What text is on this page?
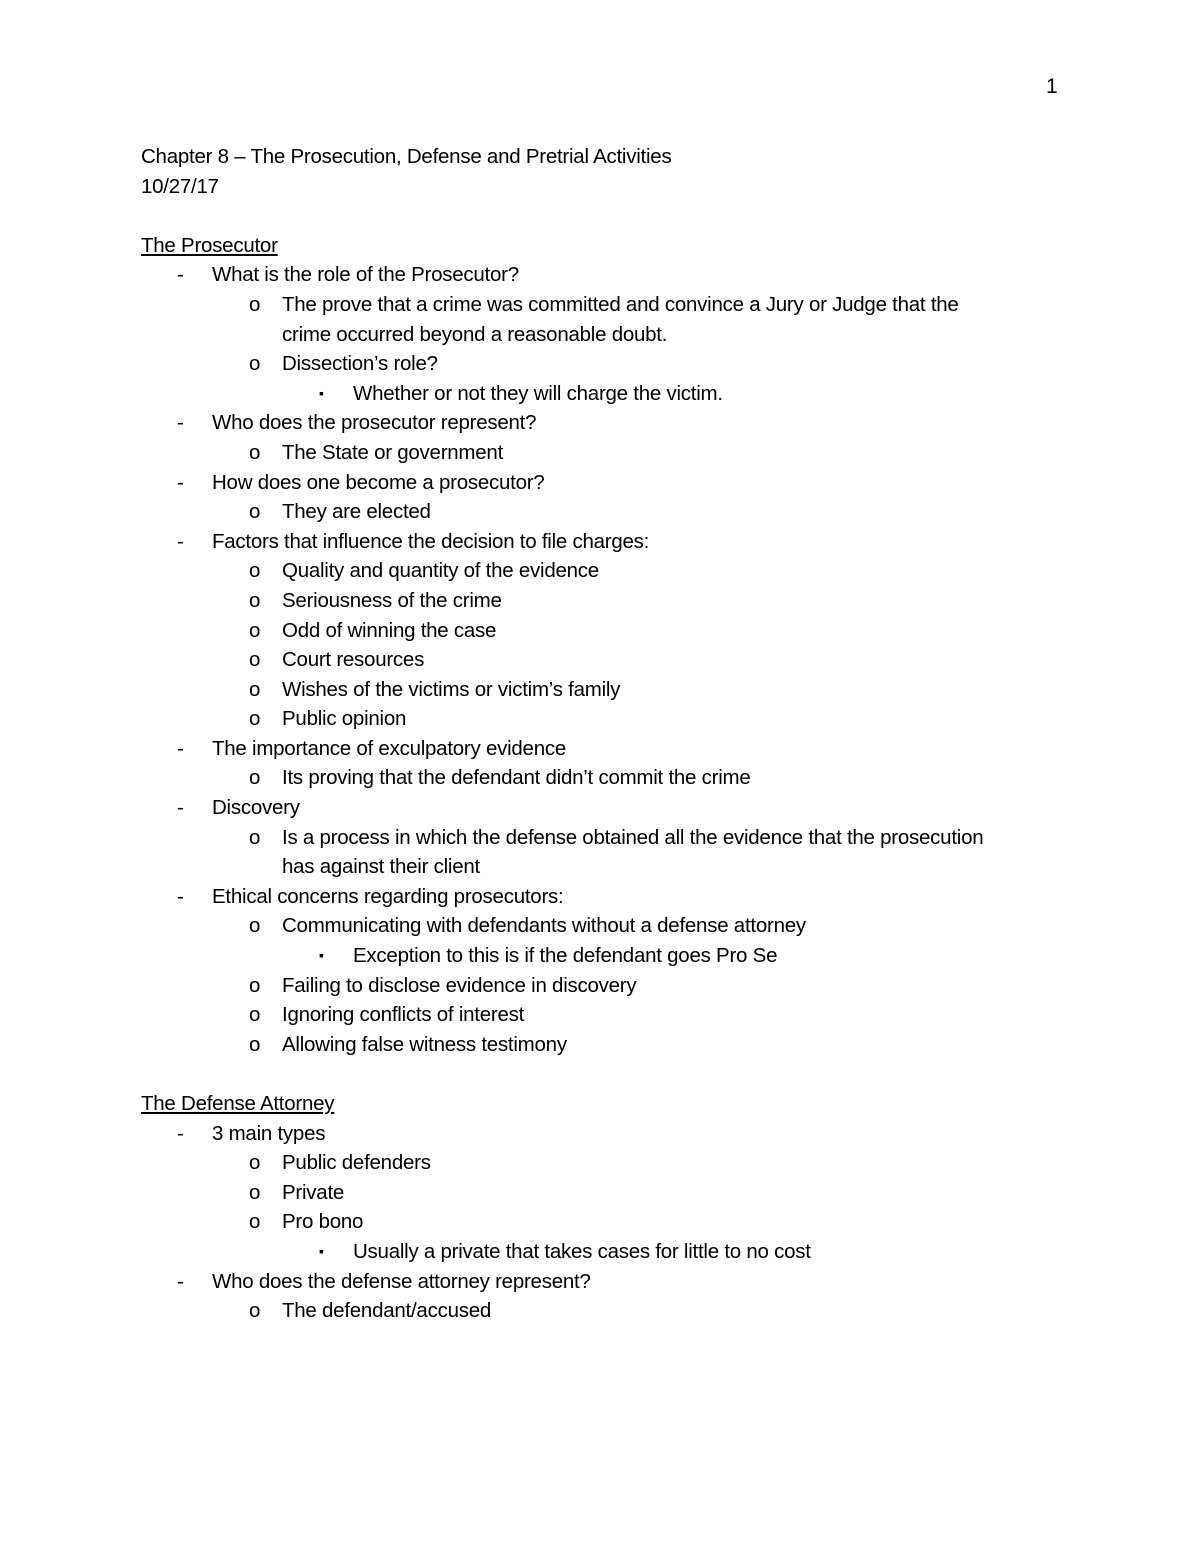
1
Chapter 8 – The Prosecution, Defense and Pretrial Activities
10/27/17
The Prosecutor
- What is the role of the Prosecutor?
o The prove that a crime was committed and convince a Jury or Judge that the
crime occurred beyond a reasonable doubt.
o Dissection’s role?
▪ Whether or not they will charge the victim.
- Who does the prosecutor represent?
o The State or government
- How does one become a prosecutor?
o They are elected
- Factors that influence the decision to file charges:
o Quality and quantity of the evidence
o Seriousness of the crime
o Odd of winning the case
o Court resources
o Wishes of the victims or victim’s family
o Public opinion
- The importance of exculpatory evidence
o Its proving that the defendant didn’t commit the crime
- Discovery
o Is a process in which the defense obtained all the evidence that the prosecution
has against their client
- Ethical concerns regarding prosecutors:
o Communicating with defendants without a defense attorney
▪ Exception to this is if the defendant goes Pro Se
o Failing to disclose evidence in discovery
o Ignoring conflicts of interest
o Allowing false witness testimony
The Defense Attorney
- 3 main types
o Public defenders
o Private
o Pro bono
▪ Usually a private that takes cases for little to no cost
- Who does the defense attorney represent?
o The defendant/accused
